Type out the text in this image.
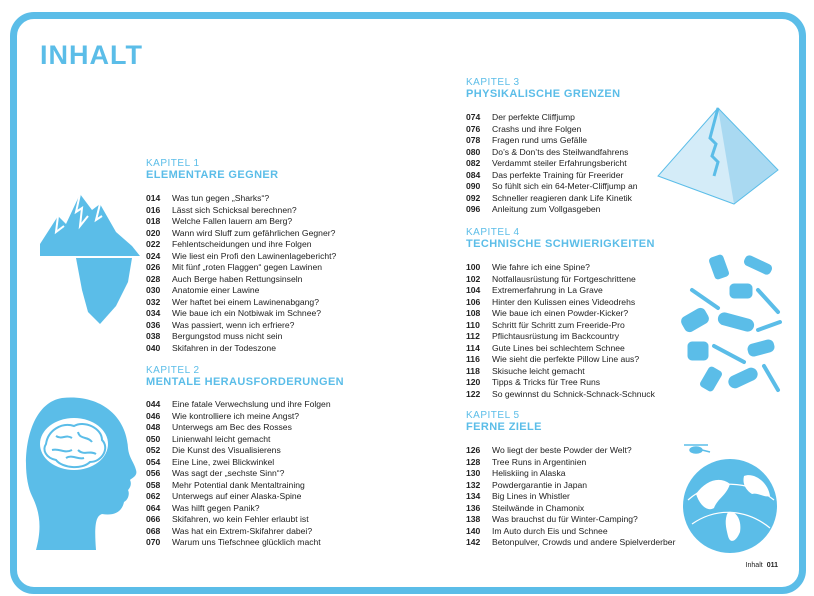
INHALT
KAPITEL 1
ELEMENTARE GEGNER
014 Was tun gegen „Sharks“?
016 Lässt sich Schicksal berechnen?
018 Welche Fallen lauern am Berg?
020 Wann wird Sluff zum gefährlichen Gegner?
022 Fehlentscheidungen und ihre Folgen
024 Wie liest ein Profi den Lawinenlagebericht?
026 Mit fünf „roten Flaggen“ gegen Lawinen
028 Auch Berge haben Rettungsinseln
030 Anatomie einer Lawine
032 Wer haftet bei einem Lawinenabgang?
034 Wie baue ich ein Notbiwak im Schnee?
036 Was passiert, wenn ich erfriere?
038 Bergungstod muss nicht sein
040 Skifahren in der Todeszone
KAPITEL 2
MENTALE HERAUSFORDERUNGEN
044 Eine fatale Verwechslung und ihre Folgen
046 Wie kontrolliere ich meine Angst?
048 Unterwegs am Bec des Rosses
050 Linienwahl leicht gemacht
052 Die Kunst des Visualisierens
054 Eine Line, zwei Blickwinkel
056 Was sagt der „sechste Sinn“?
058 Mehr Potential dank Mentaltraining
062 Unterwegs auf einer Alaska-Spine
064 Was hilft gegen Panik?
066 Skifahren, wo kein Fehler erlaubt ist
068 Was hat ein Extrem-Skifahrer dabei?
070 Warum uns Tiefschnee glücklich macht
KAPITEL 3
PHYSIKALISCHE GRENZEN
074 Der perfekte Cliffjump
076 Crashs und ihre Folgen
078 Fragen rund ums Gefälle
080 Do’s & Don’ts des Steilwandfahrens
082 Verdammt steiler Erfahrungsbericht
084 Das perfekte Training für Freerider
090 So fühlt sich ein 64-Meter-Cliffjump an
092 Schneller reagieren dank Life Kinetik
096 Anleitung zum Vollgasgeben
KAPITEL 4
TECHNISCHE SCHWIERIGKEITEN
100 Wie fahre ich eine Spine?
102 Notfallausrüstung für Fortgeschrittene
104 Extremerfahrung in La Grave
106 Hinter den Kulissen eines Videodrehs
108 Wie baue ich einen Powder-Kicker?
110 Schritt für Schritt zum Freeride-Pro
112 Pflichtausrüstung im Backcountry
114 Gute Lines bei schlechtem Schnee
116 Wie sieht die perfekte Pillow Line aus?
118 Skisuche leicht gemacht
120 Tipps & Tricks für Tree Runs
122 So gewinnst du Schnick-Schnack-Schnuck
KAPITEL 5
FERNE ZIELE
126 Wo liegt der beste Powder der Welt?
128 Tree Runs in Argentinien
130 Heliskiing in Alaska
132 Powdergarantie in Japan
134 Big Lines in Whistler
136 Steilwände in Chamonix
138 Was brauchst du für Winter-Camping?
140 Im Auto durch Eis und Schnee
142 Betonpulver, Crowds und andere Spielverderber
Inhalt 011
